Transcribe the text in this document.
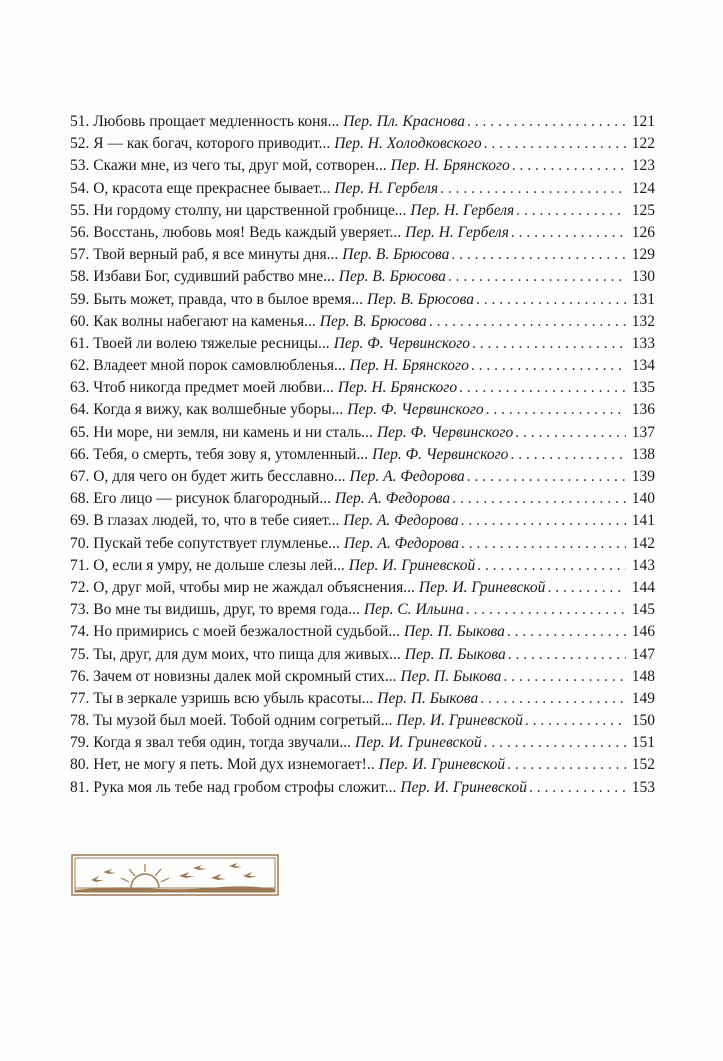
51. Любовь прощает медленность коня... Пер. Пл. Краснова . . .	121
52. Я — как богач, которого приводит... Пер. Н. Холодковского . . .	122
53. Скажи мне, из чего ты, друг мой, сотворен... Пер. Н. Брянского . . .	123
54. О, красота еще прекраснее бывает... Пер. Н. Гербеля . . .	124
55. Ни гордому столпу, ни царственной гробнице... Пер. Н. Гербеля . . .	125
56. Восстань, любовь моя! Ведь каждый уверяет... Пер. Н. Гербеля . . .	126
57. Твой верный раб, я все минуты дня... Пер. В. Брюсова . . .	129
58. Избави Бог, судивший рабство мне... Пер. В. Брюсова . . .	130
59. Быть может, правда, что в былое время... Пер. В. Брюсова . . .	131
60. Как волны набегают на каменья... Пер. В. Брюсова . . .	132
61. Твоей ли волею тяжелые ресницы... Пер. Ф. Червинского . . .	133
62. Владеет мной порок самовлюбленья... Пер. Н. Брянского . . .	134
63. Чтоб никогда предмет моей любви... Пер. Н. Брянского . . .	135
64. Когда я вижу, как волшебные уборы... Пер. Ф. Червинского . . .	136
65. Ни море, ни земля, ни камень и ни сталь... Пер. Ф. Червинского . . .	137
66. Тебя, о смерть, тебя зову я, утомленный... Пер. Ф. Червинского . . .	138
67. О, для чего он будет жить бесславно... Пер. А. Федорова . . .	139
68. Его лицо — рисунок благородный... Пер. А. Федорова . . .	140
69. В глазах людей, то, что в тебе сияет... Пер. А. Федорова . . .	141
70. Пускай тебе сопутствует глумленье... Пер. А. Федорова . . .	142
71. О, если я умру, не дольше слезы лей... Пер. И. Гриневской . . .	143
72. О, друг мой, чтобы мир не жаждал объяснения... Пер. И. Гриневской . . .	144
73. Во мне ты видишь, друг, то время года... Пер. С. Ильина . . .	145
74. Но примирись с моей безжалостной судьбой... Пер. П. Быкова . . .	146
75. Ты, друг, для дум моих, что пища для живых... Пер. П. Быкова . . .	147
76. Зачем от новизны далек мой скромный стих... Пер. П. Быкова . . .	148
77. Ты в зеркале узришь всю убыль красоты... Пер. П. Быкова . . .	149
78. Ты музой был моей. Тобой одним согретый... Пер. И. Гриневской . . .	150
79. Когда я звал тебя один, тогда звучали... Пер. И. Гриневской . . .	151
80. Нет, не могу я петь. Мой дух изнемогает!.. Пер. И. Гриневской . . .	152
81. Рука моя ль тебе над гробом строфы сложит... Пер. И. Гриневской . . .	153
